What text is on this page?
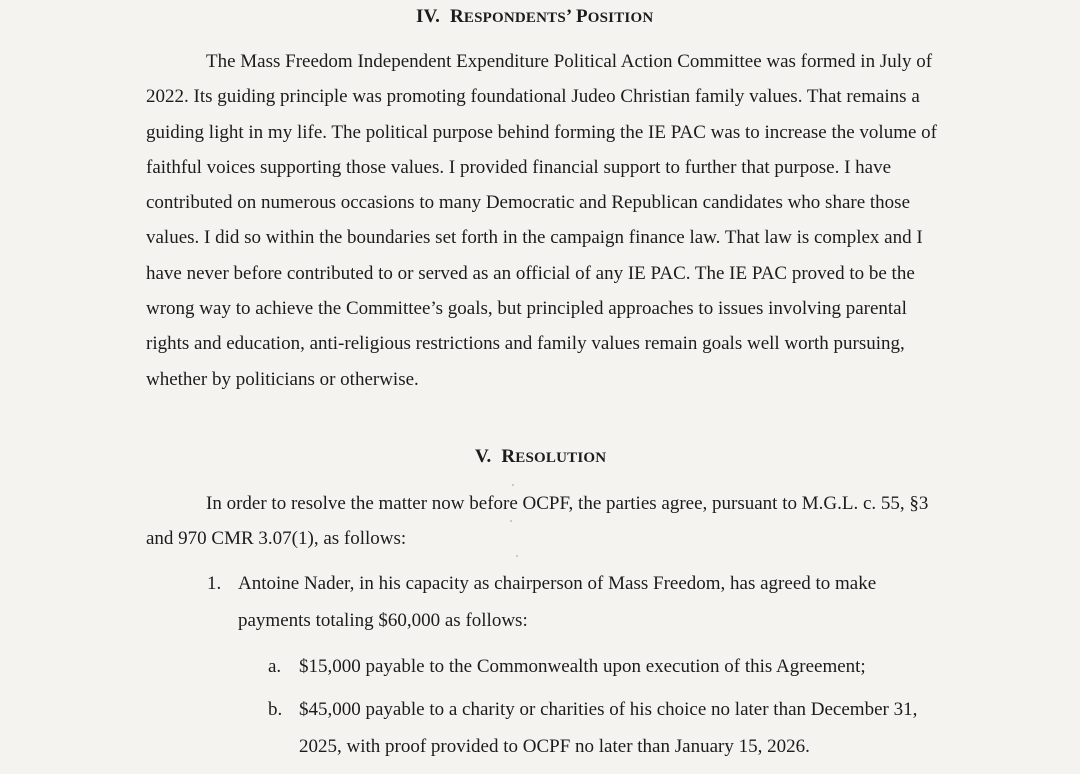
IV. RESPONDENTS’ POSITION

The Mass Freedom Independent Expenditure Political Action Committee was formed in July of 2022. Its guiding principle was promoting foundational Judeo Christian family values. That remains a guiding light in my life. The political purpose behind forming the IE PAC was to increase the volume of faithful voices supporting those values. I provided financial support to further that purpose. I have contributed on numerous occasions to many Democratic and Republican candidates who share those values. I did so within the boundaries set forth in the campaign finance law. That law is complex and I have never before contributed to or served as an official of any IE PAC. The IE PAC proved to be the wrong way to achieve the Committee’s goals, but principled approaches to issues involving parental rights and education, anti-religious restrictions and family values remain goals well worth pursuing, whether by politicians or otherwise.

V. RESOLUTION

In order to resolve the matter now before OCPF, the parties agree, pursuant to M.G.L. c. 55, §3 and 970 CMR 3.07(1), as follows:

1. Antoine Nader, in his capacity as chairperson of Mass Freedom, has agreed to make payments totaling $60,000 as follows:
a. $15,000 payable to the Commonwealth upon execution of this Agreement;
b. $45,000 payable to a charity or charities of his choice no later than December 31, 2025, with proof provided to OCPF no later than January 15, 2026.
